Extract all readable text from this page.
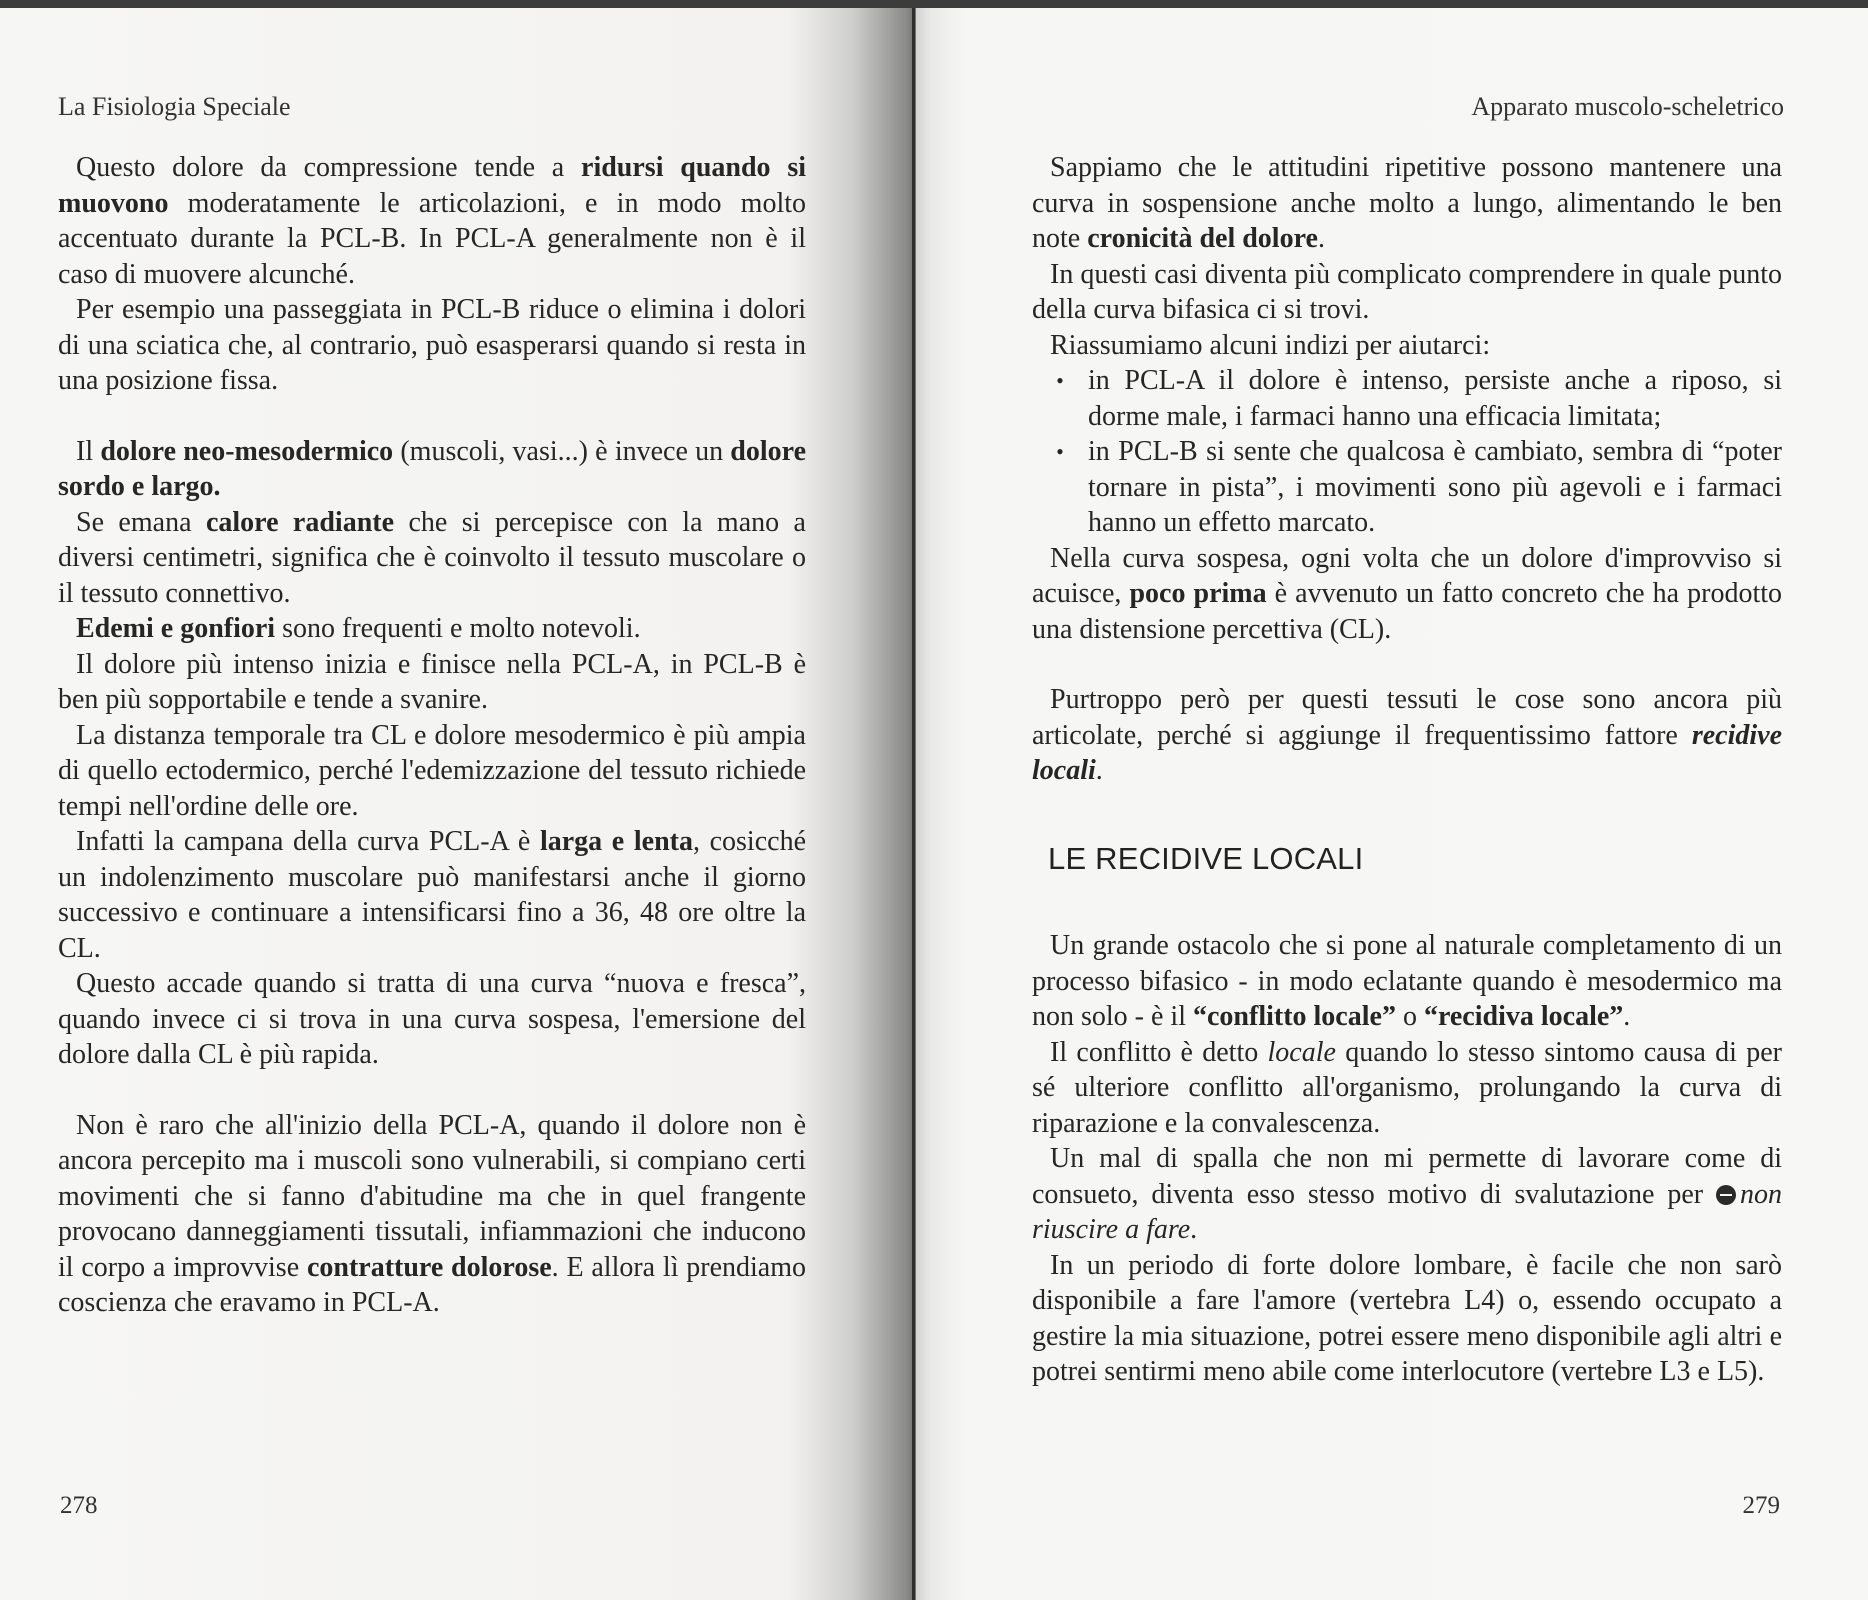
La Fisiologia Speciale

Questo dolore da compressione tende a ridursi quando si muovono moderatamente le articolazioni, e in modo molto accentuato durante la PCL-B. In PCL-A generalmente non è il caso di muovere alcunché.

Per esempio una passeggiata in PCL-B riduce o elimina i dolori di una sciatica che, al contrario, può esasperarsi quando si resta in una posizione fissa.

Il dolore neo-mesodermico (muscoli, vasi...) è invece un dolore sordo e largo.

Se emana calore radiante che si percepisce con la mano a diversi centimetri, significa che è coinvolto il tessuto muscolare o il tessuto connettivo.

Edemi e gonfiori sono frequenti e molto notevoli.

Il dolore più intenso inizia e finisce nella PCL-A, in PCL-B è ben più sopportabile e tende a svanire.

La distanza temporale tra CL e dolore mesodermico è più ampia di quello ectodermico, perché l'edemizzazione del tessuto richiede tempi nell'ordine delle ore.

Infatti la campana della curva PCL-A è larga e lenta, cosicché un indolenzimento muscolare può manifestarsi anche il giorno successivo e continuare a intensificarsi fino a 36, 48 ore oltre la CL.

Questo accade quando si tratta di una curva “nuova e fresca”, quando invece ci si trova in una curva sospesa, l'emersione del dolore dalla CL è più rapida.

Non è raro che all'inizio della PCL-A, quando il dolore non è ancora percepito ma i muscoli sono vulnerabili, si compiano certi movimenti che si fanno d'abitudine ma che in quel frangente provocano danneggiamenti tissutali, infiammazioni che inducono il corpo a improvvise contratture dolorose. E allora lì prendiamo coscienza che eravamo in PCL-A.

278
Apparato muscolo-scheletrico

Sappiamo che le attitudini ripetitive possono mantenere una curva in sospensione anche molto a lungo, alimentando le ben note cronicità del dolore.

In questi casi diventa più complicato comprendere in quale punto della curva bifasica ci si trovi.

Riassumiamo alcuni indizi per aiutarci:

• in PCL-A il dolore è intenso, persiste anche a riposo, si dorme male, i farmaci hanno una efficacia limitata;

• in PCL-B si sente che qualcosa è cambiato, sembra di “poter tornare in pista”, i movimenti sono più agevoli e i farmaci hanno un effetto marcato.

Nella curva sospesa, ogni volta che un dolore d'improvviso si acuisce, poco prima è avvenuto un fatto concreto che ha prodotto una distensione percettiva (CL).

Purtroppo però per questi tessuti le cose sono ancora più articolate, perché si aggiunge il frequentissimo fattore recidive locali.

LE RECIDIVE LOCALI

Un grande ostacolo che si pone al naturale completamento di un processo bifasico - in modo eclatante quando è mesodermico ma non solo - è il “conflitto locale” o “recidiva locale”.

Il conflitto è detto locale quando lo stesso sintomo causa di per sé ulteriore conflitto all'organismo, prolungando la curva di riparazione e la convalescenza.

Un mal di spalla che non mi permette di lavorare come di consueto, diventa esso stesso motivo di svalutazione per non riuscire a fare.

In un periodo di forte dolore lombare, è facile che non sarò disponibile a fare l'amore (vertebra L4) o, essendo occupato a gestire la mia situazione, potrei essere meno disponibile agli altri e potrei sentirmi meno abile come interlocutore (vertebre L3 e L5).

279
